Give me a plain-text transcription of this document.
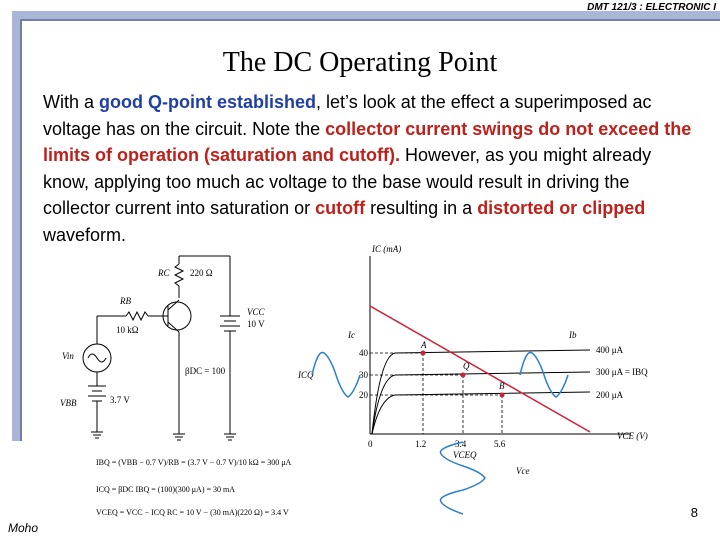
DMT 121/3 : ELECTRONIC I
The DC Operating Point
With a good Q-point established, let’s look at the effect a superimposed ac voltage has on the circuit. Note the collector current swings do not exceed the limits of operation (saturation and cutoff). However, as you might already know, applying too much ac voltage to the base would result in driving the collector current into saturation or cutoff resulting in a distorted or clipped waveform.
RC 220 Ω
RB
10 kΩ
VCC
10 V
Vin
βDC = 100
VBB	3.7 V
IBQ = (VBB − 0.7 V)/RB = (3.7 V − 0.7 V)/10 kΩ = 300 μA
ICQ = βDC IBQ = (100)(300 μA) = 30 mA
VCEQ = VCC − ICQ RC = 10 V − (30 mA)(220 Ω) = 3.4 V
IC (mA)
VCE (V)
40
30
20
0	1.2	3.4	5.6
ICQ
VCEQ
400 μA
300 μA = IBQ
200 μA
A
Q
B
Ic	Ib
Vce
Moho
8
